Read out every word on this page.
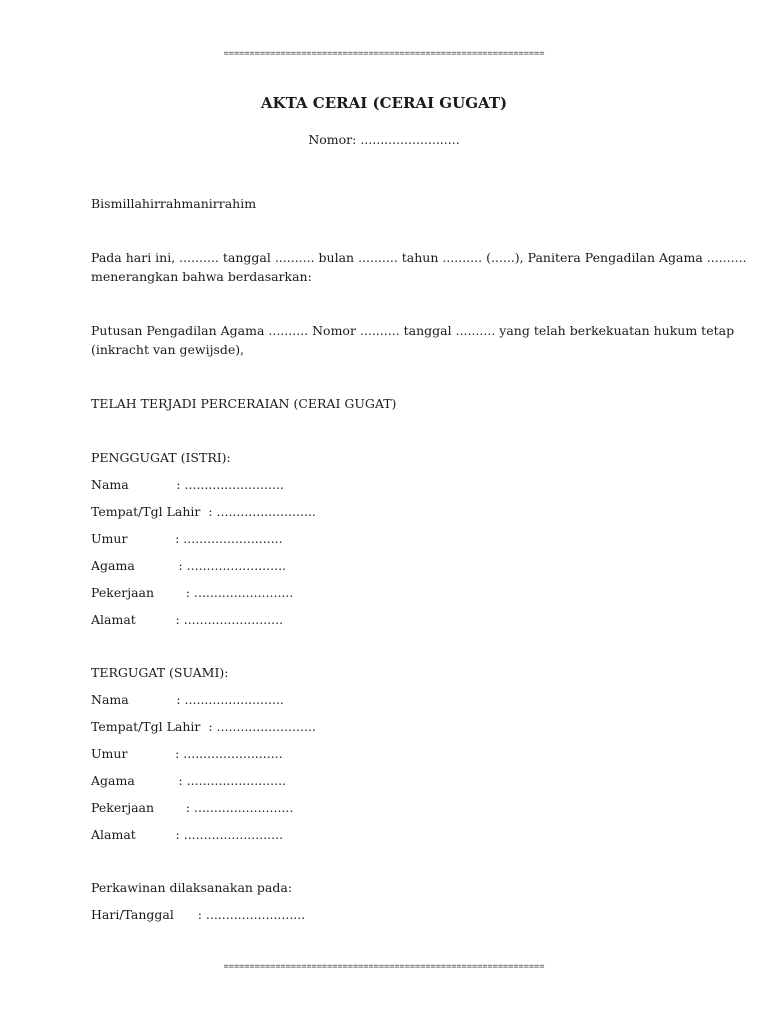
==============================================================
AKTA CERAI (CERAI GUGAT)
Nomor: .........................
Bismillahirrahmanirrahim
Pada hari ini, .......... tanggal .......... bulan .......... tahun .......... (......), Panitera Pengadilan Agama ..........
menerangkan bahwa berdasarkan:
Putusan Pengadilan Agama .......... Nomor .......... tanggal .......... yang telah berkekuatan hukum tetap
(inkracht van gewijsde),
TELAH TERJADI PERCERAIAN (CERAI GUGAT)
PENGGUGAT (ISTRI):
Nama            : .........................
Tempat/Tgl Lahir  : .........................
Umur            : .........................
Agama           : .........................
Pekerjaan        : .........................
Alamat          : .........................
TERGUGAT (SUAMI):
Nama            : .........................
Tempat/Tgl Lahir  : .........................
Umur            : .........................
Agama           : .........................
Pekerjaan        : .........................
Alamat          : .........................
Perkawinan dilaksanakan pada:
Hari/Tanggal      : .........................
==============================================================
